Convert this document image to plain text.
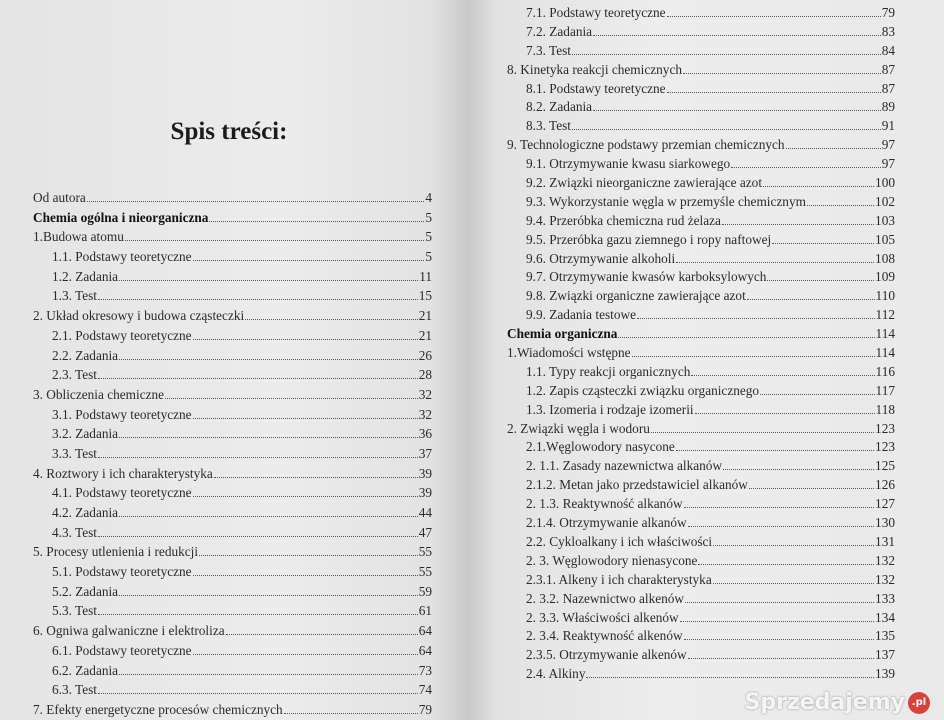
Spis treści:
Od autora	4
Chemia ogólna i nieorganiczna	5
1.Budowa atomu	5
1.1. Podstawy teoretyczne	5
1.2. Zadania	11
1.3. Test	15
2. Układ okresowy i budowa cząsteczki	21
2.1. Podstawy teoretyczne	21
2.2. Zadania	26
2.3. Test	28
3. Obliczenia chemiczne	32
3.1. Podstawy teoretyczne	32
3.2. Zadania	36
3.3. Test	37
4. Roztwory i ich charakterystyka	39
4.1. Podstawy teoretyczne	39
4.2. Zadania	44
4.3. Test	47
5. Procesy utlenienia i redukcji	55
5.1. Podstawy teoretyczne	55
5.2. Zadania	59
5.3. Test	61
6. Ogniwa galwaniczne i elektroliza	64
6.1. Podstawy teoretyczne	64
6.2. Zadania	73
6.3. Test	74
7. Efekty energetyczne procesów chemicznych	79
7.1. Podstawy teoretyczne	79
7.2. Zadania	83
7.3. Test	84
8. Kinetyka reakcji chemicznych	87
8.1. Podstawy teoretyczne	87
8.2. Zadania	89
8.3. Test	91
9. Technologiczne podstawy przemian chemicznych	97
9.1. Otrzymywanie kwasu siarkowego	97
9.2. Związki nieorganiczne zawierające azot	100
9.3. Wykorzystanie węgla w przemyśle chemicznym	102
9.4. Przeróbka chemiczna rud żelaza	103
9.5. Przeróbka gazu ziemnego i ropy naftowej	105
9.6. Otrzymywanie alkoholi	108
9.7. Otrzymywanie kwasów karboksylowych	109
9.8. Związki organiczne zawierające azot	110
9.9. Zadania testowe	112
Chemia organiczna	114
1.Wiadomości wstępne	114
1.1. Typy reakcji organicznych	116
1.2. Zapis cząsteczki związku organicznego	117
1.3. Izomeria i rodzaje izomerii	118
2. Związki węgla i wodoru	123
2.1.Węglowodory nasycone	123
2. 1.1. Zasady nazewnictwa alkanów	125
2.1.2. Metan jako przedstawiciel alkanów	126
2. 1.3. Reaktywność alkanów	127
2.1.4. Otrzymywanie alkanów	130
2.2. Cykloalkany i ich właściwości	131
2. 3. Węglowodory nienasycone	132
2.3.1. Alkeny i ich charakterystyka	132
2. 3.2. Nazewnictwo alkenów	133
2. 3.3. Właściwości alkenów	134
2. 3.4. Reaktywność alkenów	135
2.3.5. Otrzymywanie alkenów	137
2.4. Alkiny	139
Sprzedajemy .pl
